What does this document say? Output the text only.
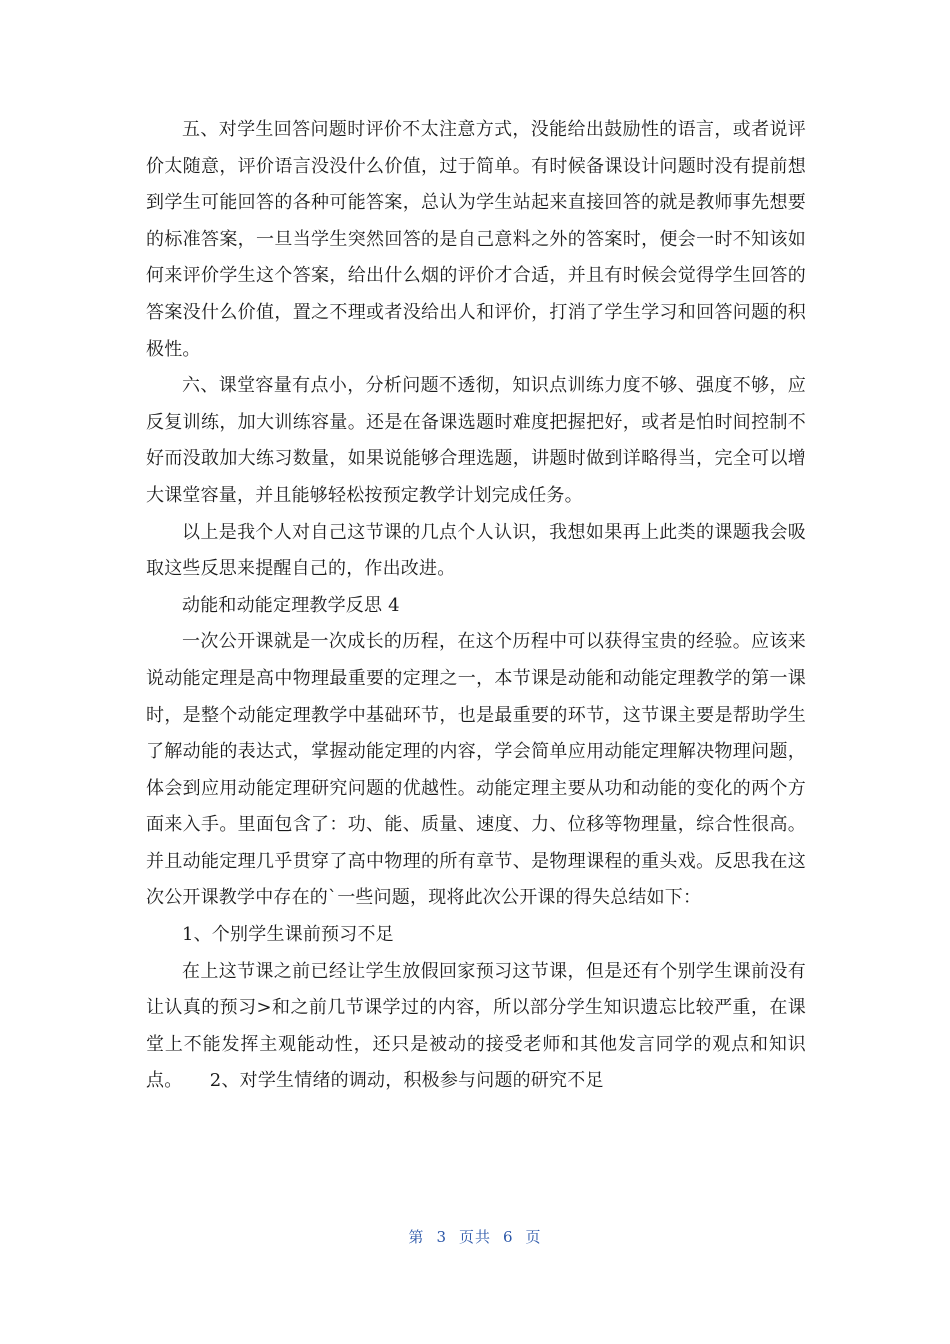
五、对学生回答问题时评价不太注意方式，没能给出鼓励性的语言，或者说评价太随意，评价语言没没什么价值，过于简单。有时候备课设计问题时没有提前想到学生可能回答的各种可能答案，总认为学生站起来直接回答的就是教师事先想要的标准答案，一旦当学生突然回答的是自己意料之外的答案时，便会一时不知该如何来评价学生这个答案，给出什么烟的评价才合适，并且有时候会觉得学生回答的答案没什么价值，置之不理或者没给出人和评价，打消了学生学习和回答问题的积极性。

六、课堂容量有点小，分析问题不透彻，知识点训练力度不够、强度不够，应反复训练，加大训练容量。还是在备课选题时难度把握把好，或者是怕时间控制不好而没敢加大练习数量，如果说能够合理选题，讲题时做到详略得当，完全可以增大课堂容量，并且能够轻松按预定教学计划完成任务。

以上是我个人对自己这节课的几点个人认识，我想如果再上此类的课题我会吸取这些反思来提醒自己的，作出改进。

动能和动能定理教学反思 4

一次公开课就是一次成长的历程，在这个历程中可以获得宝贵的经验。应该来说动能定理是高中物理最重要的定理之一，本节课是动能和动能定理教学的第一课时，是整个动能定理教学中基础环节，也是最重要的环节，这节课主要是帮助学生了解动能的表达式，掌握动能定理的内容，学会简单应用动能定理解决物理问题，体会到应用动能定理研究问题的优越性。动能定理主要从功和动能的变化的两个方面来入手。里面包含了：功、能、质量、速度、力、位移等物理量，综合性很高。并且动能定理几乎贯穿了高中物理的所有章节、是物理课程的重头戏。反思我在这次公开课教学中存在的`一些问题，现将此次公开课的得失总结如下：

1、个别学生课前预习不足

在上这节课之前已经让学生放假回家预习这节课，但是还有个别学生课前没有让认真的预习>和之前几节课学过的内容，所以部分学生知识遗忘比较严重，在课堂上不能发挥主观能动性，还只是被动的接受老师和其他发言同学的观点和知识点。　　2、对学生情绪的调动，积极参与问题的研究不足

第 3 页共 6 页
